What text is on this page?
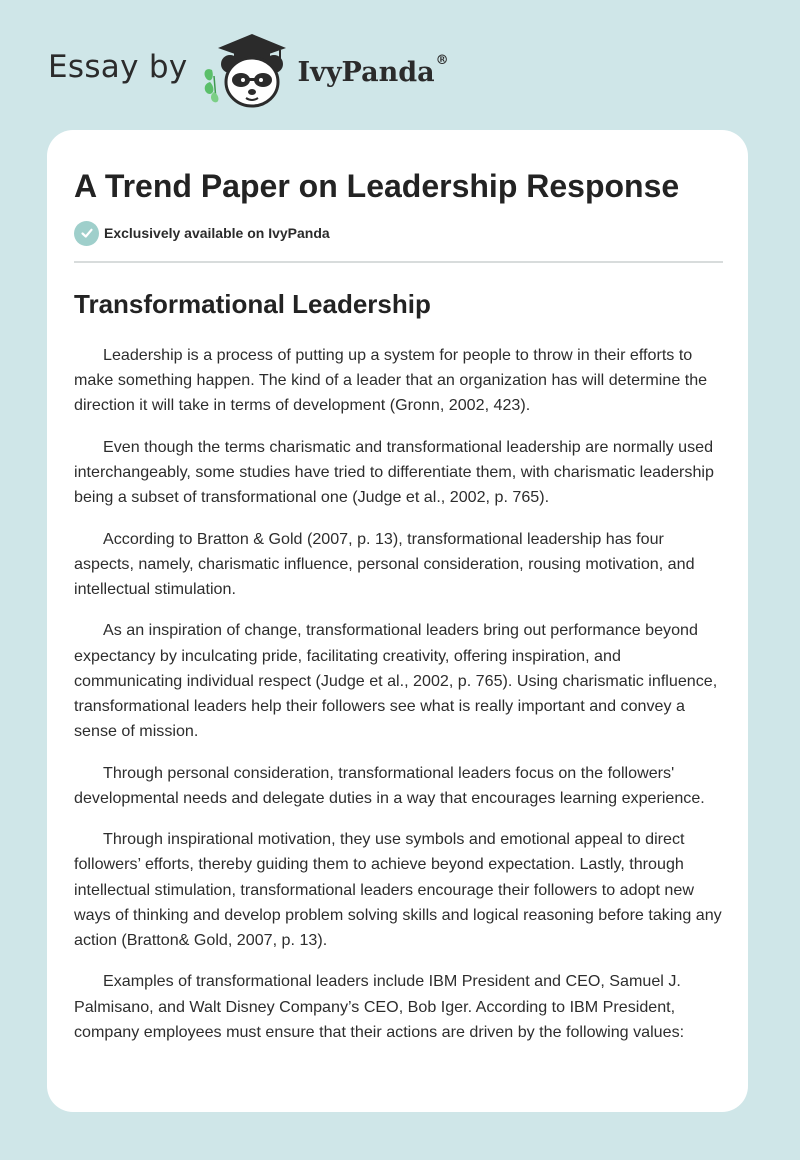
Essay by	IvyPanda®
A Trend Paper on Leadership Response
Exclusively available on IvyPanda
Transformational Leadership

Leadership is a process of putting up a system for people to throw in their efforts to make something happen. The kind of a leader that an organization has will determine the direction it will take in terms of development (Gronn, 2002, 423).

Even though the terms charismatic and transformational leadership are normally used interchangeably, some studies have tried to differentiate them, with charismatic leadership being a subset of transformational one (Judge et al., 2002, p. 765).

According to Bratton & Gold (2007, p. 13), transformational leadership has four aspects, namely, charismatic influence, personal consideration, rousing motivation, and intellectual stimulation.

As an inspiration of change, transformational leaders bring out performance beyond expectancy by inculcating pride, facilitating creativity, offering inspiration, and communicating individual respect (Judge et al., 2002, p. 765). Using charismatic influence, transformational leaders help their followers see what is really important and convey a sense of mission.

Through personal consideration, transformational leaders focus on the followers' developmental needs and delegate duties in a way that encourages learning experience.

Through inspirational motivation, they use symbols and emotional appeal to direct followers’ efforts, thereby guiding them to achieve beyond expectation. Lastly, through intellectual stimulation, transformational leaders encourage their followers to adopt new ways of thinking and develop problem solving skills and logical reasoning before taking any action (Bratton& Gold, 2007, p. 13).

Examples of transformational leaders include IBM President and CEO, Samuel J. Palmisano, and Walt Disney Company’s CEO, Bob Iger. According to IBM President, company employees must ensure that their actions are driven by the following values:
